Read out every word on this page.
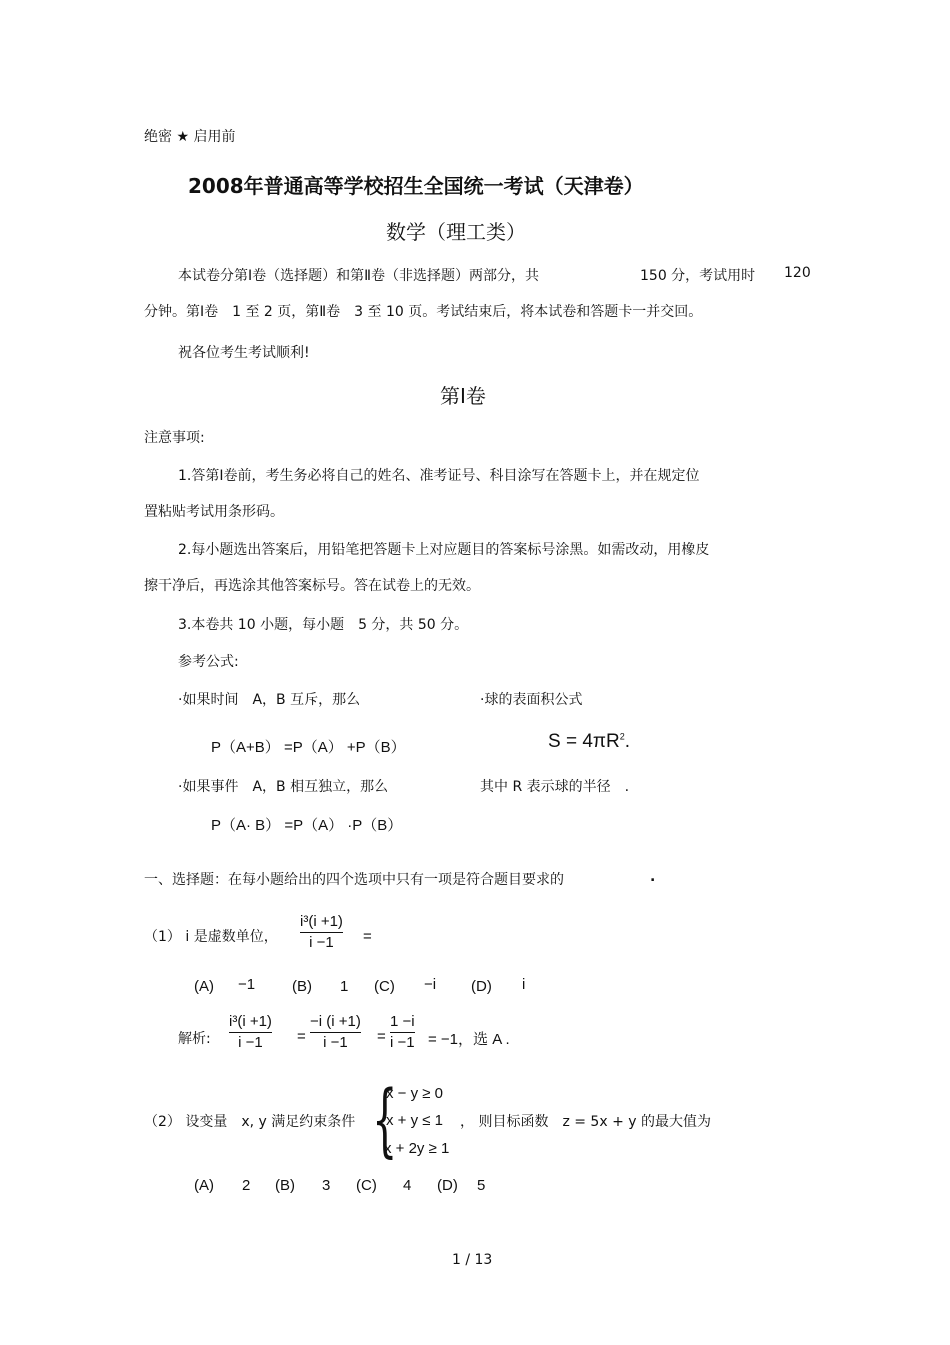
绝密 ★ 启用前
2008年普通高等学校招生全国统一考试（天津卷）
数学（理工类）
本试卷分第Ⅰ卷（选择题）和第Ⅱ卷（非选择题）两部分，共	150 分，考试用时 120
分钟。第Ⅰ卷　1 至 2 页，第Ⅱ卷　3 至 10 页。考试结束后，将本试卷和答题卡一并交回。
祝各位考生考试顺利!
第Ⅰ卷
注意事项:
1.答第Ⅰ卷前，考生务必将自己的姓名、准考证号、科目涂写在答题卡上，并在规定位
置粘贴考试用条形码。
2.每小题选出答案后，用铅笔把答题卡上对应题目的答案标号涂黑。如需改动，用橡皮
擦干净后，再选涂其他答案标号。答在试卷上的无效。
3.本卷共 10 小题，每小题　5 分，共 50 分。
参考公式:
·如果时间　A，B 互斥，那么	·球的表面积公式
P（A+B） =P（A） +P（B）	$S = 4\pi R^2$.
·如果事件　A，B 相互独立，那么	其中 R 表示球的半径　.
P（A· B） =P（A） ·P（B）
一、选择题：在每小题给出的四个选项中只有一项是符合题目要求的	.
（1） i 是虚数单位，
i³(i +1)
i −1 =
(A) −1 (B) 1 (C) −i (D) i
解析:
i³(i +1)
i −1 =
−i (i +1)
i −1 =
1 −i
i −1 = −1，选 A .
（2） 设变量　x, y 满足约束条件 {
x − y ≥ 0
x + y ≤ 1
x + 2y ≥ 1
， 则目标函数　z = 5x + y 的最大值为
(A) 2 (B) 3 (C) 4 (D) 5
1 / 13
